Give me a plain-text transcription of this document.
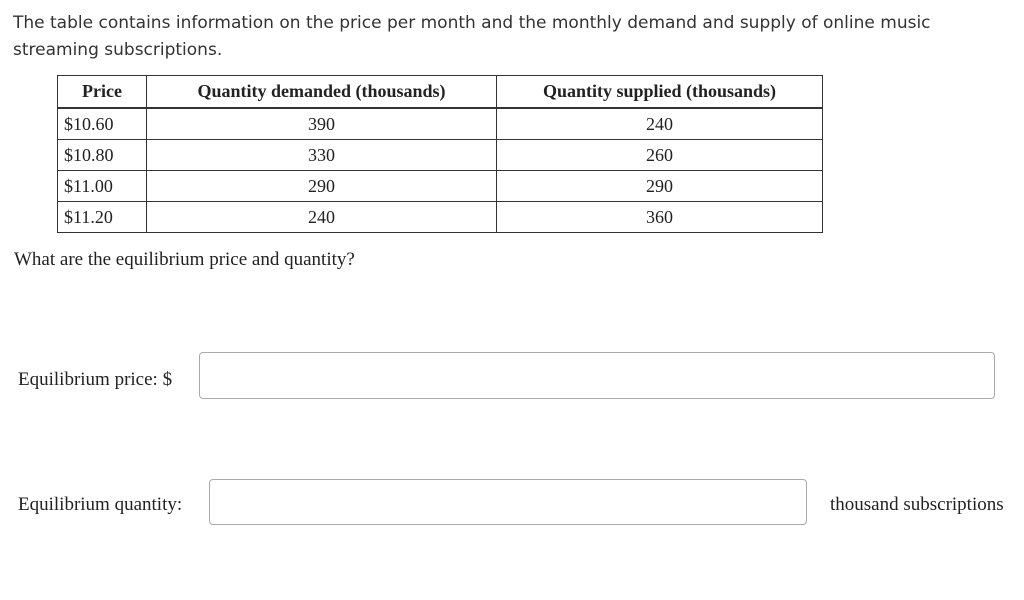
The table contains information on the price per month and the monthly demand and supply of online music streaming subscriptions.
Price	Quantity demanded (thousands)	Quantity supplied (thousands)
$10.60	390	240
$10.80	330	260
$11.00	290	290
$11.20	240	360
What are the equilibrium price and quantity?
Equilibrium price: $
Equilibrium quantity:	thousand subscriptions
